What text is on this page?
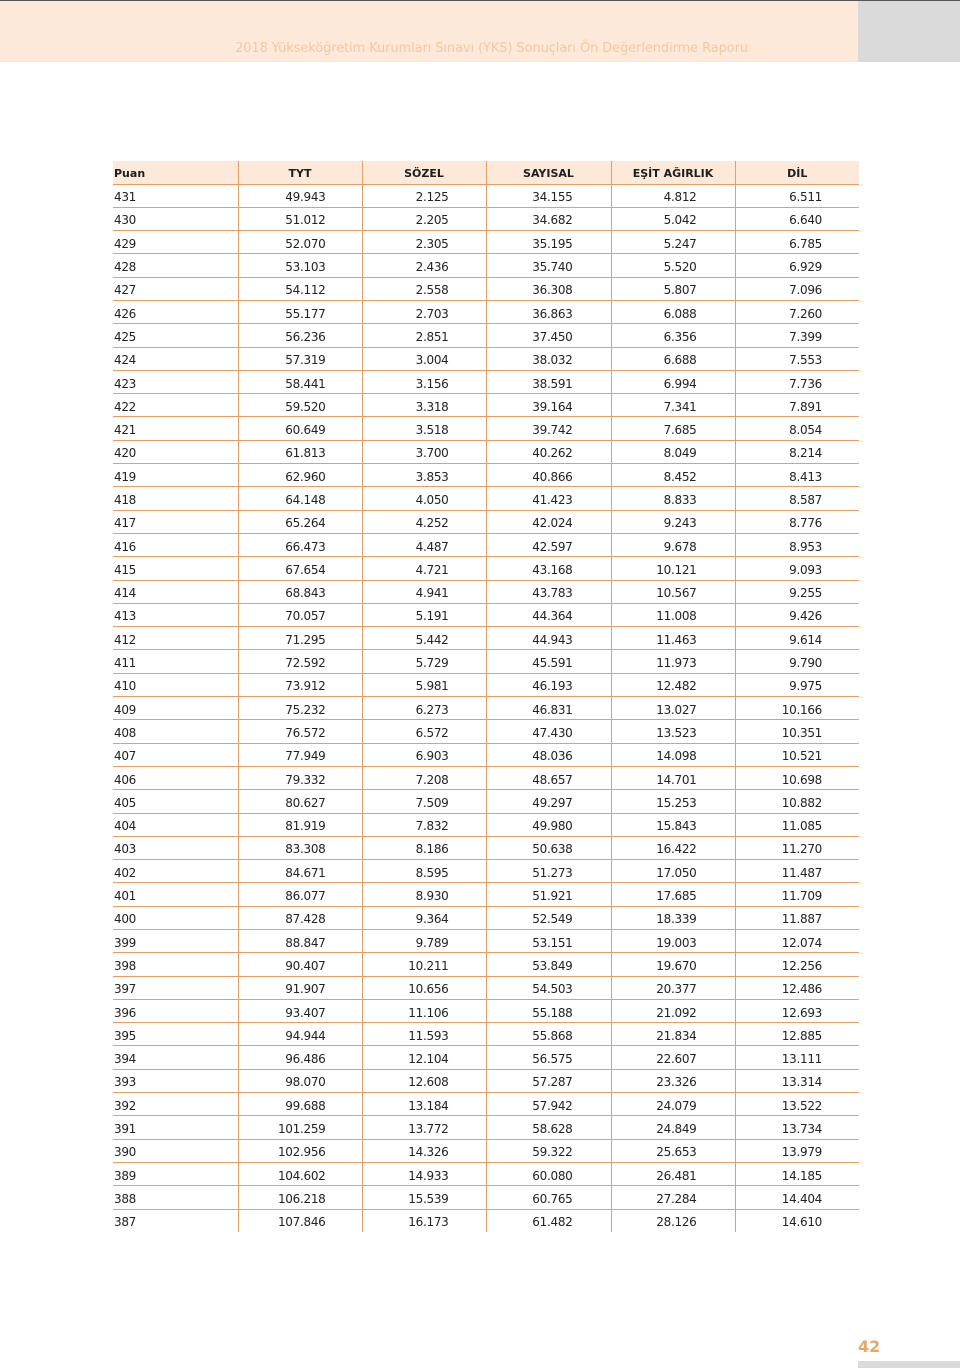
2018 Yükseköğretim Kurumları Sınavı (YKS) Sonuçları Ön Değerlendirme Raporu
Puan	TYT	SÖZEL	SAYISAL	EŞİT AĞIRLIK	DİL
431	49.943	2.125	34.155	4.812	6.511
430	51.012	2.205	34.682	5.042	6.640
429	52.070	2.305	35.195	5.247	6.785
428	53.103	2.436	35.740	5.520	6.929
427	54.112	2.558	36.308	5.807	7.096
426	55.177	2.703	36.863	6.088	7.260
425	56.236	2.851	37.450	6.356	7.399
424	57.319	3.004	38.032	6.688	7.553
423	58.441	3.156	38.591	6.994	7.736
422	59.520	3.318	39.164	7.341	7.891
421	60.649	3.518	39.742	7.685	8.054
420	61.813	3.700	40.262	8.049	8.214
419	62.960	3.853	40.866	8.452	8.413
418	64.148	4.050	41.423	8.833	8.587
417	65.264	4.252	42.024	9.243	8.776
416	66.473	4.487	42.597	9.678	8.953
415	67.654	4.721	43.168	10.121	9.093
414	68.843	4.941	43.783	10.567	9.255
413	70.057	5.191	44.364	11.008	9.426
412	71.295	5.442	44.943	11.463	9.614
411	72.592	5.729	45.591	11.973	9.790
410	73.912	5.981	46.193	12.482	9.975
409	75.232	6.273	46.831	13.027	10.166
408	76.572	6.572	47.430	13.523	10.351
407	77.949	6.903	48.036	14.098	10.521
406	79.332	7.208	48.657	14.701	10.698
405	80.627	7.509	49.297	15.253	10.882
404	81.919	7.832	49.980	15.843	11.085
403	83.308	8.186	50.638	16.422	11.270
402	84.671	8.595	51.273	17.050	11.487
401	86.077	8.930	51.921	17.685	11.709
400	87.428	9.364	52.549	18.339	11.887
399	88.847	9.789	53.151	19.003	12.074
398	90.407	10.211	53.849	19.670	12.256
397	91.907	10.656	54.503	20.377	12.486
396	93.407	11.106	55.188	21.092	12.693
395	94.944	11.593	55.868	21.834	12.885
394	96.486	12.104	56.575	22.607	13.111
393	98.070	12.608	57.287	23.326	13.314
392	99.688	13.184	57.942	24.079	13.522
391	101.259	13.772	58.628	24.849	13.734
390	102.956	14.326	59.322	25.653	13.979
389	104.602	14.933	60.080	26.481	14.185
388	106.218	15.539	60.765	27.284	14.404
387	107.846	16.173	61.482	28.126	14.610
42
